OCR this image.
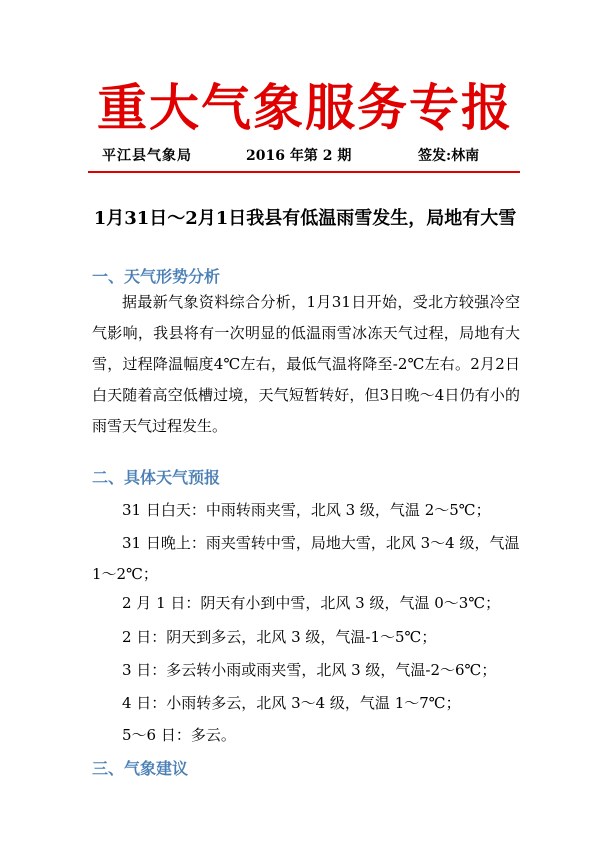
重大气象服务专报
平江县气象局	2016 年第 2 期	签发:林南
1月31日～2月1日我县有低温雨雪发生，局地有大雪
一、天气形势分析

据最新气象资料综合分析，1月31日开始，受北方较强冷空气影响，我县将有一次明显的低温雨雪冰冻天气过程，局地有大雪，过程降温幅度4℃左右，最低气温将降至-2℃左右。2月2日白天随着高空低槽过境，天气短暂转好，但3日晚～4日仍有小的雨雪天气过程发生。

二、具体天气预报
31 日白天：中雨转雨夹雪，北风 3 级，气温 2～5℃；
31 日晚上：雨夹雪转中雪，局地大雪，北风 3～4 级，气温 1～2℃；
2 月 1 日：阴天有小到中雪，北风 3 级，气温 0～3℃；
2 日：阴天到多云，北风 3 级，气温-1～5℃；
3 日：多云转小雨或雨夹雪，北风 3 级，气温-2～6℃；
4 日：小雨转多云，北风 3～4 级，气温 1～7℃；
5～6 日：多云。
三、气象建议
